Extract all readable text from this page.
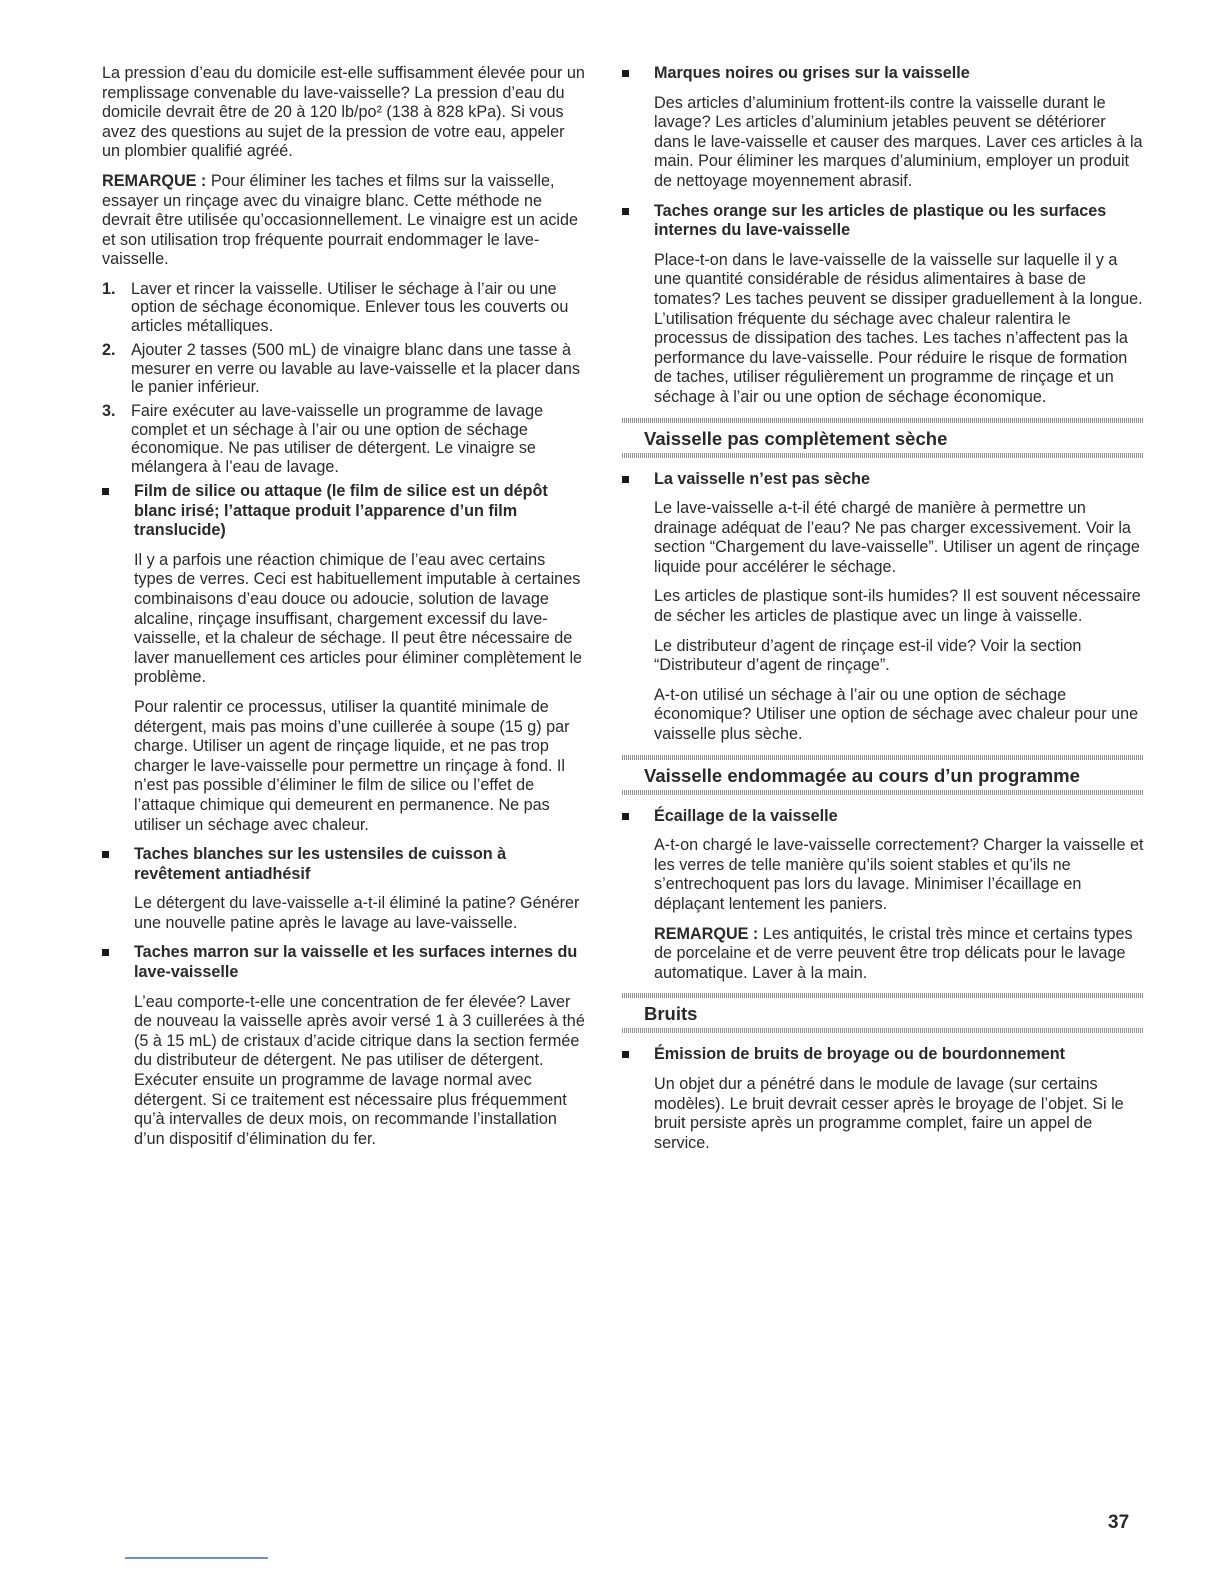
La pression d’eau du domicile est-elle suffisamment élevée pour un remplissage convenable du lave-vaisselle? La pression d’eau du domicile devrait être de 20 à 120 lb/po² (138 à 828 kPa). Si vous avez des questions au sujet de la pression de votre eau, appeler un plombier qualifié agréé.

REMARQUE : Pour éliminer les taches et films sur la vaisselle, essayer un rinçage avec du vinaigre blanc. Cette méthode ne devrait être utilisée qu’occasionnellement. Le vinaigre est un acide et son utilisation trop fréquente pourrait endommager le lave-vaisselle.

1. Laver et rincer la vaisselle. Utiliser le séchage à l’air ou une option de séchage économique. Enlever tous les couverts ou articles métalliques.
2. Ajouter 2 tasses (500 mL) de vinaigre blanc dans une tasse à mesurer en verre ou lavable au lave-vaisselle et la placer dans le panier inférieur.
3. Faire exécuter au lave-vaisselle un programme de lavage complet et un séchage à l’air ou une option de séchage économique. Ne pas utiliser de détergent. Le vinaigre se mélangera à l’eau de lavage.
Film de silice ou attaque (le film de silice est un dépôt blanc irisé; l’attaque produit l’apparence d’un film translucide)

Il y a parfois une réaction chimique de l’eau avec certains types de verres. Ceci est habituellement imputable à certaines combinaisons d’eau douce ou adoucie, solution de lavage alcaline, rinçage insuffisant, chargement excessif du lave-vaisselle, et la chaleur de séchage. Il peut être nécessaire de laver manuellement ces articles pour éliminer complètement le problème.

Pour ralentir ce processus, utiliser la quantité minimale de détergent, mais pas moins d’une cuillerée à soupe (15 g) par charge. Utiliser un agent de rinçage liquide, et ne pas trop charger le lave-vaisselle pour permettre un rinçage à fond. Il n’est pas possible d’éliminer le film de silice ou l’effet de l’attaque chimique qui demeurent en permanence. Ne pas utiliser un séchage avec chaleur.

Taches blanches sur les ustensiles de cuisson à revêtement antiadhésif

Le détergent du lave-vaisselle a-t-il éliminé la patine? Générer une nouvelle patine après le lavage au lave-vaisselle.

Taches marron sur la vaisselle et les surfaces internes du lave-vaisselle

L’eau comporte-t-elle une concentration de fer élevée? Laver de nouveau la vaisselle après avoir versé 1 à 3 cuillerées à thé (5 à 15 mL) de cristaux d’acide citrique dans la section fermée du distributeur de détergent. Ne pas utiliser de détergent. Exécuter ensuite un programme de lavage normal avec détergent. Si ce traitement est nécessaire plus fréquemment qu’à intervalles de deux mois, on recommande l’installation d’un dispositif d’élimination du fer.

Marques noires ou grises sur la vaisselle

Des articles d’aluminium frottent-ils contre la vaisselle durant le lavage? Les articles d’aluminium jetables peuvent se détériorer dans le lave-vaisselle et causer des marques. Laver ces articles à la main. Pour éliminer les marques d’aluminium, employer un produit de nettoyage moyennement abrasif.

Taches orange sur les articles de plastique ou les surfaces internes du lave-vaisselle

Place-t-on dans le lave-vaisselle de la vaisselle sur laquelle il y a une quantité considérable de résidus alimentaires à base de tomates? Les taches peuvent se dissiper graduellement à la longue. L’utilisation fréquente du séchage avec chaleur ralentira le processus de dissipation des taches. Les taches n’affectent pas la performance du lave-vaisselle. Pour réduire le risque de formation de taches, utiliser régulièrement un programme de rinçage et un séchage à l’air ou une option de séchage économique.

Vaisselle pas complètement sèche
La vaisselle n’est pas sèche

Le lave-vaisselle a-t-il été chargé de manière à permettre un drainage adéquat de l’eau? Ne pas charger excessivement. Voir la section “Chargement du lave-vaisselle”. Utiliser un agent de rinçage liquide pour accélérer le séchage.

Les articles de plastique sont-ils humides? Il est souvent nécessaire de sécher les articles de plastique avec un linge à vaisselle.

Le distributeur d’agent de rinçage est-il vide? Voir la section “Distributeur d’agent de rinçage”.

A-t-on utilisé un séchage à l’air ou une option de séchage économique? Utiliser une option de séchage avec chaleur pour une vaisselle plus sèche.

Vaisselle endommagée au cours d’un programme
Écaillage de la vaisselle

A-t-on chargé le lave-vaisselle correctement? Charger la vaisselle et les verres de telle manière qu’ils soient stables et qu’ils ne s’entrechoquent pas lors du lavage. Minimiser l’écaillage en déplaçant lentement les paniers.

REMARQUE : Les antiquités, le cristal très mince et certains types de porcelaine et de verre peuvent être trop délicats pour le lavage automatique. Laver à la main.

Bruits
Émission de bruits de broyage ou de bourdonnement

Un objet dur a pénétré dans le module de lavage (sur certains modèles). Le bruit devrait cesser après le broyage de l’objet. Si le bruit persiste après un programme complet, faire un appel de service.

37
